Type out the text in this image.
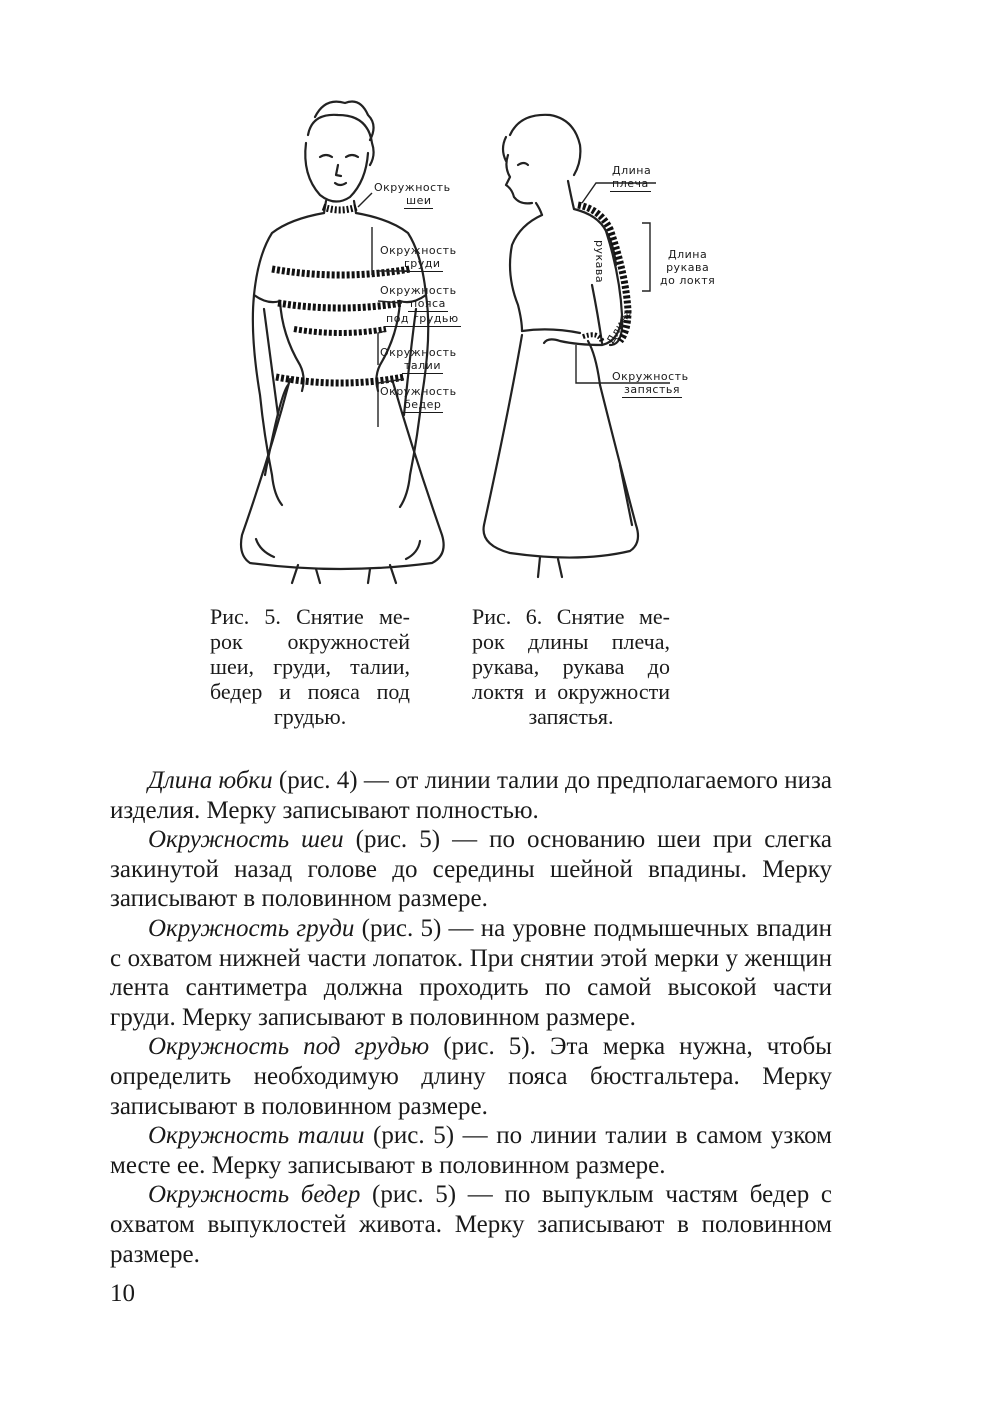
Окружность
шеи
Окружность
груди
Окружность
пояса
под грудью
Окружность
талии
Окружность
бедер
Длина
плеча
рукава
Длина
Длина
рукава
до локтя
Окружность
запястья
Рис. 5. Снятие ме-
рок окружностей
шеи, груди, талии,
бедер и пояса под
грудью.
Рис. 6. Снятие ме-
рок длины плеча,
рукава, рукава до
локтя и окружности
запястья.

Длина юбки (рис. 4) — от линии талии до предполагаемого низа изделия. Мерку записывают полностью.

Окружность шеи (рис. 5) — по основанию шеи при слегка закинутой назад голове до середины шейной впадины. Мерку записывают в половинном размере.

Окружность груди (рис. 5) — на уровне подмышечных впадин с охватом нижней части лопаток. При снятии этой мерки у женщин лента сантиметра должна проходить по самой высокой части груди. Мерку записывают в половинном размере.

Окружность под грудью (рис. 5). Эта мерка нужна, чтобы определить необходимую длину пояса бюстгальтера. Мерку записывают в половинном размере.

Окружность талии (рис. 5) — по линии талии в самом узком месте ее. Мерку записывают в половинном размере.

Окружность бедер (рис. 5) — по выпуклым частям бедер с охватом выпуклостей живота. Мерку записывают в половинном размере.

10
